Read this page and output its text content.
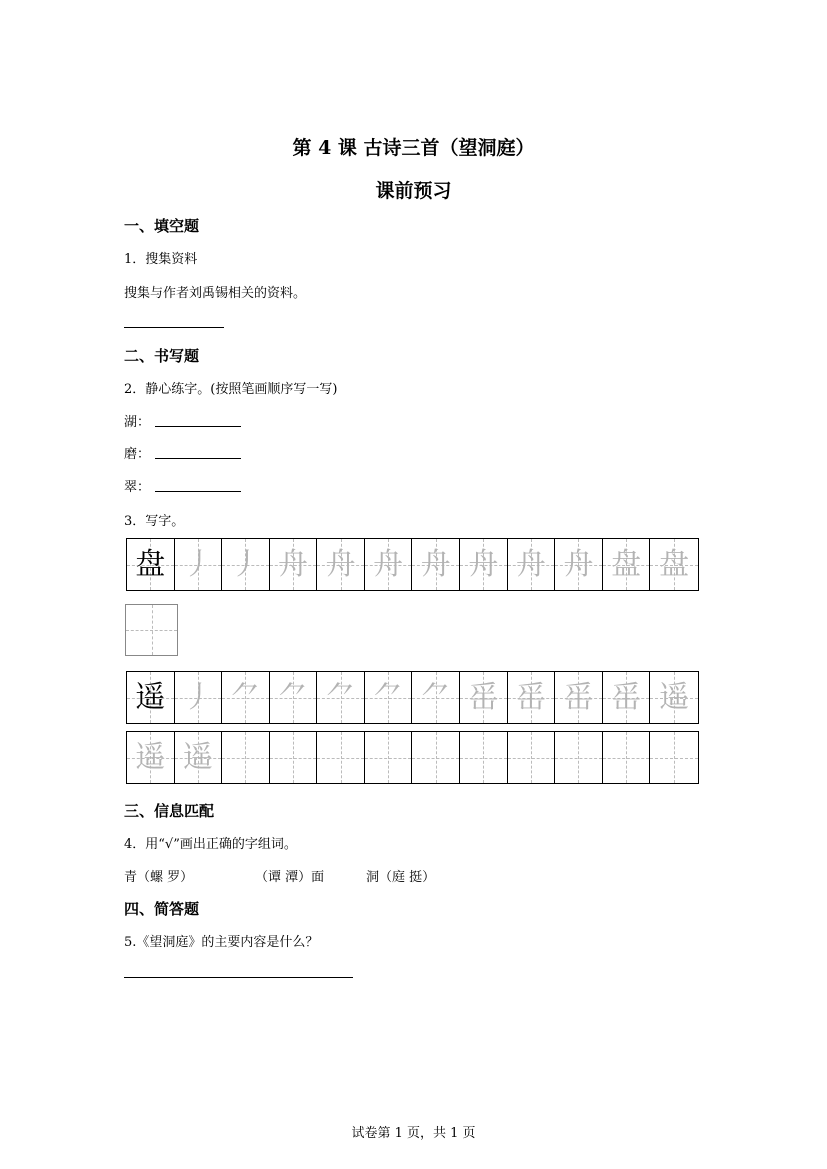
第 4 课 古诗三首（望洞庭）
课前预习
一、填空题
1．搜集资料
搜集与作者刘禹锡相关的资料。
二、书写题
2．静心练字。(按照笔画顺序写一写)
湖：
磨：
翠：
3．写字。
盘 丿 丿 舟 舟 舟 舟 舟 舟 舟 盘 盘
遥 丿 ⺈ ⺈ ⺈ ⺈ ⺈ 䍃 䍃 䍃 䍃 遥
遥 遥
三、信息匹配
4．用“√”画出正确的字组词。
青（螺 罗）	（谭 潭）面	洞（庭 挺）
四、简答题
5.《望洞庭》的主要内容是什么？
试卷第 1 页，共 1 页
